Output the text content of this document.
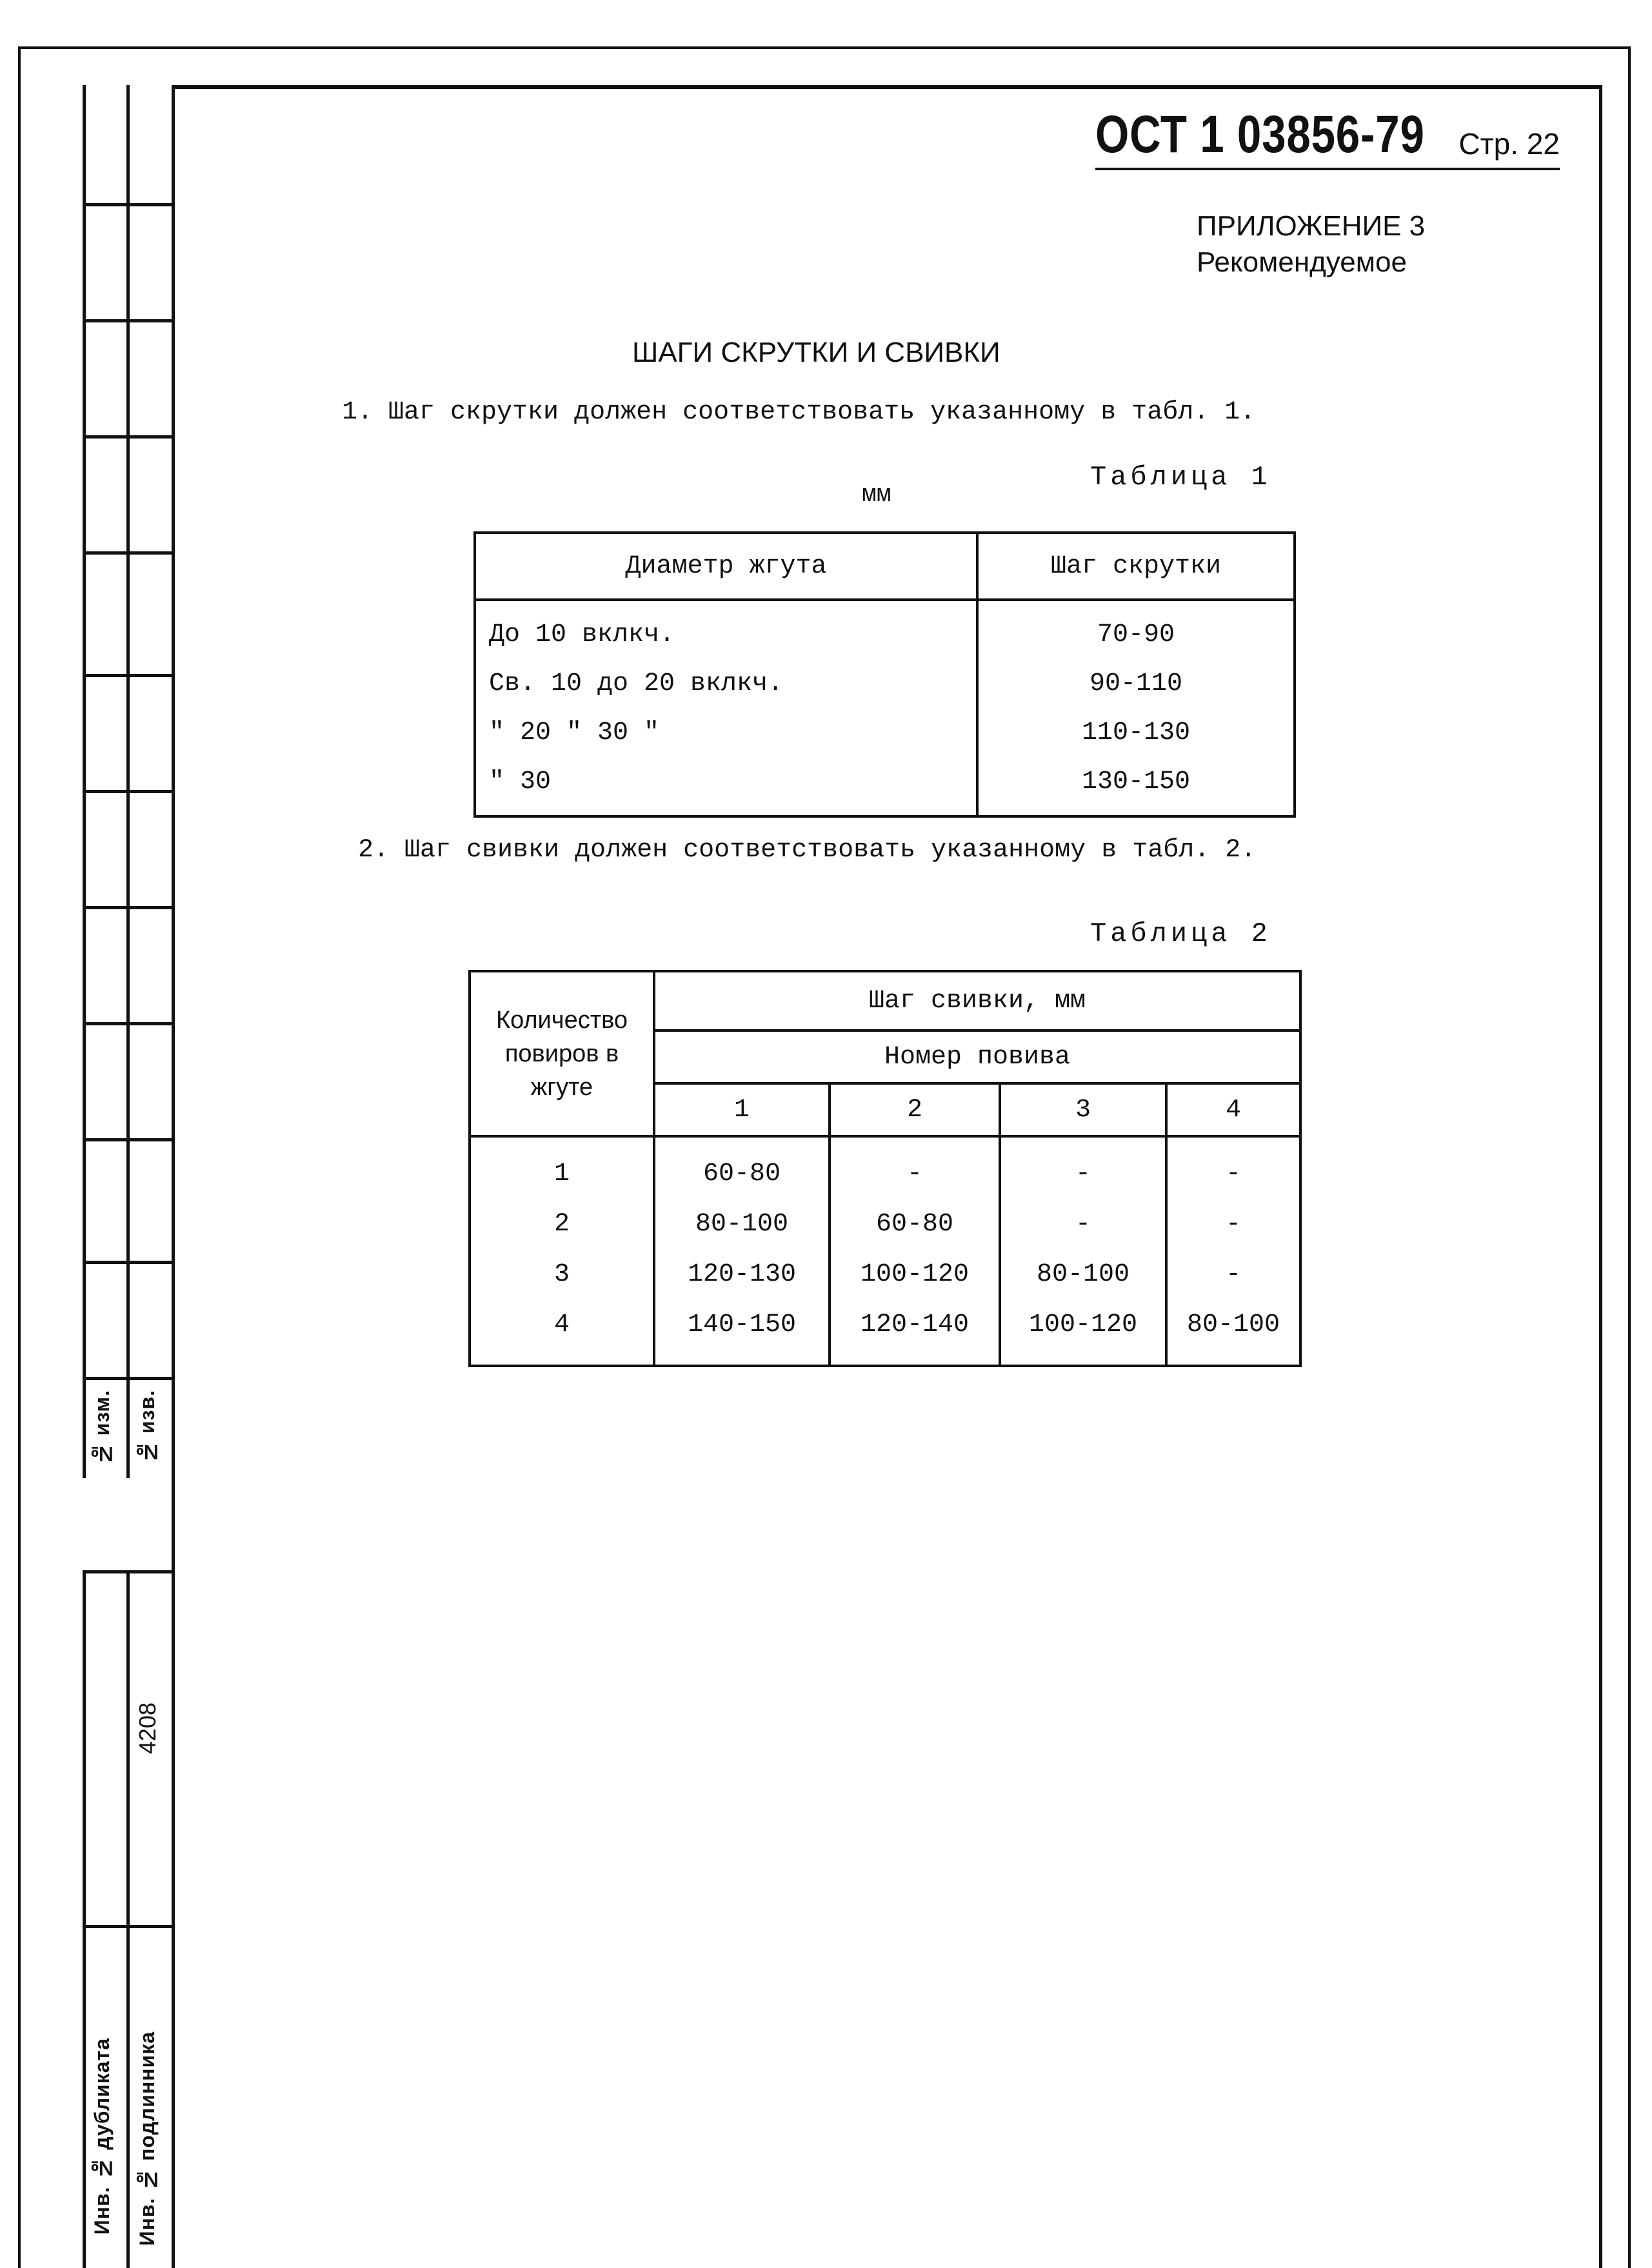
№ изм. № изв.
4208
Инв. № дубликата Инв. № подлинника
ОСТ 1 03856-79 Стр. 22
ПРИЛОЖЕНИЕ 3
Рекомендуемое
ШАГИ СКРУТКИ И СВИВКИ
1. Шаг скрутки должен соответствовать указанному в табл. 1.
Таблица 1
мм
Диаметр жгута	Шаг скрутки
До 10 вклкч.	70-90
Св. 10 до 20 вклкч.	90-110
″ 20 ″ 30 ″	110-130
″ 30	130-150
2. Шаг свивки должен соответствовать указанному в табл. 2.
Таблица 2
Количество повиров в жгуте	Шаг свивки, мм			
	Номер повива			
	1	2	3	4
1	60-80	-	-	-
2	80-100	60-80	-	-
3	120-130	100-120	80-100	-
4	140-150	120-140	100-120	80-100
